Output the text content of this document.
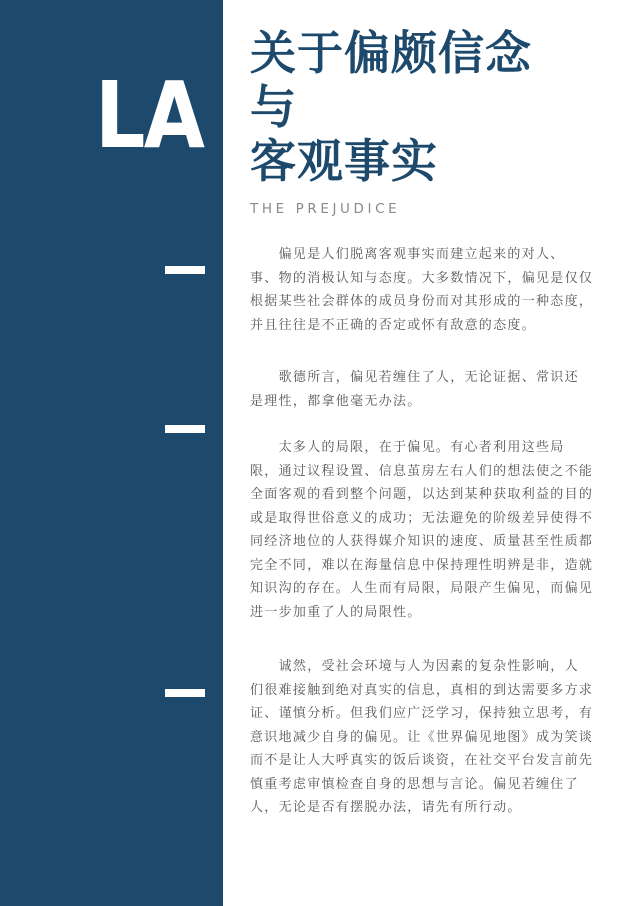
LA
关于偏颇信念
与
客观事实
THE PREJUDICE
　　偏见是人们脱离客观事实而建立起来的对人、
事、物的消极认知与态度。大多数情况下，偏见是仅仅
根据某些社会群体的成员身份而对其形成的一种态度，
并且往往是不正确的否定或怀有敌意的态度。
　　歌德所言，偏见若缠住了人，无论证据、常识还
是理性，都拿他毫无办法。
　　太多人的局限，在于偏见。有心者利用这些局
限，通过议程设置、信息茧房左右人们的想法使之不能
全面客观的看到整个问题，以达到某种获取利益的目的
或是取得世俗意义的成功；无法避免的阶级差异使得不
同经济地位的人获得媒介知识的速度、质量甚至性质都
完全不同，难以在海量信息中保持理性明辨是非，造就
知识沟的存在。人生而有局限，局限产生偏见，而偏见
进一步加重了人的局限性。
　　诚然，受社会环境与人为因素的复杂性影响，人
们很难接触到绝对真实的信息，真相的到达需要多方求
证、谨慎分析。但我们应广泛学习，保持独立思考，有
意识地减少自身的偏见。让《世界偏见地图》成为笑谈
而不是让人大呼真实的饭后谈资，在社交平台发言前先
慎重考虑审慎检查自身的思想与言论。偏见若缠住了
人，无论是否有摆脱办法，请先有所行动。
